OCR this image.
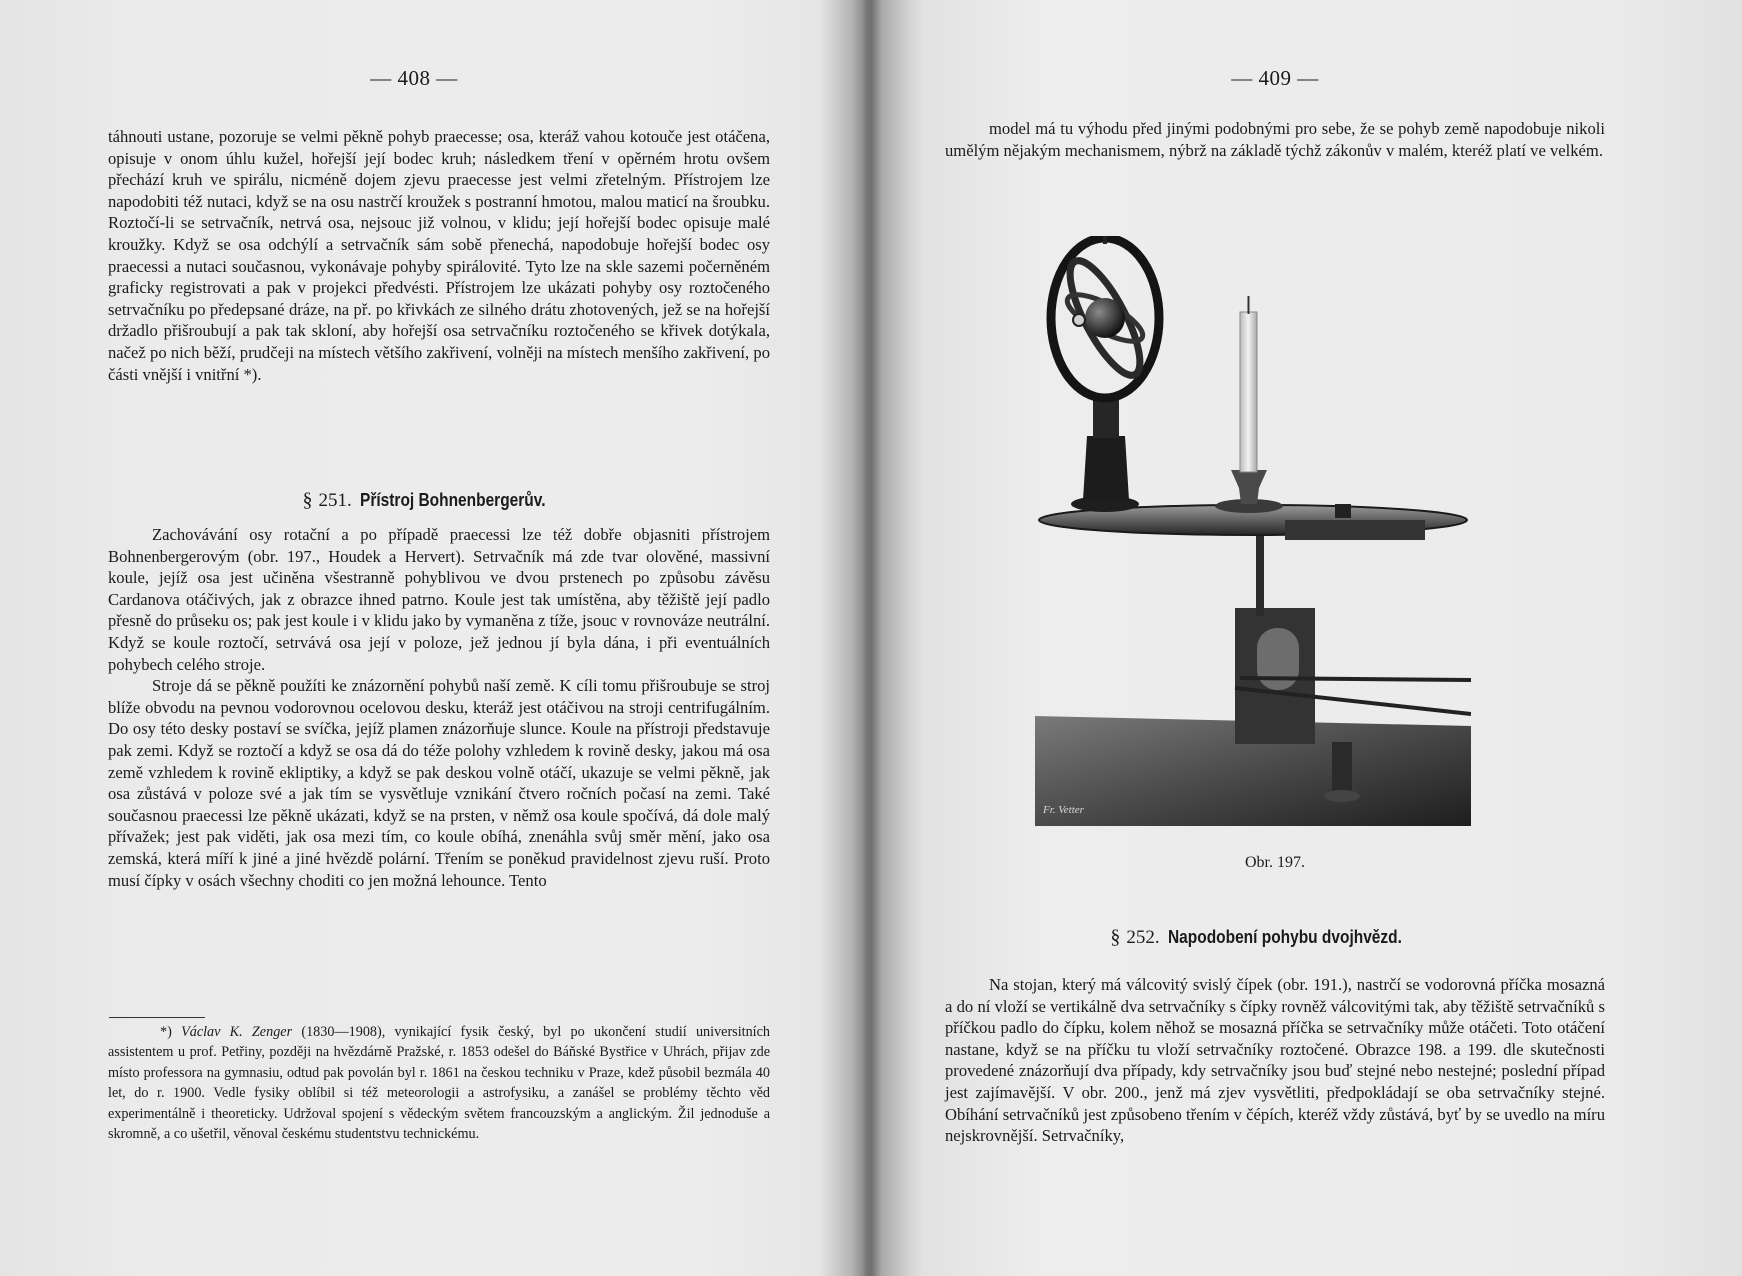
— 408 —

táhnouti ustane, pozoruje se velmi pěkně pohyb praecesse; osa, kteráž vahou kotouče jest otáčena, opisuje v onom úhlu kužel, hořejší její bodec kruh; následkem tření v opěrném hrotu ovšem přechází kruh ve spirálu, nicméně dojem zjevu praecesse jest velmi zřetelným. Přístrojem lze napodobiti též nutaci, když se na osu nastrčí kroužek s postranní hmotou, malou maticí na šroubku. Roztočí-li se setrvačník, netrvá osa, nejsouc již volnou, v klidu; její hořejší bodec opisuje malé kroužky. Když se osa odchýlí a setrvačník sám sobě přenechá, napodobuje hořejší bodec osy praecessi a nutaci současnou, vykonávaje pohyby spirálovité. Tyto lze na skle sazemi počerněném graficky registrovati a pak v projekci předvésti. Přístrojem lze ukázati pohyby osy roztočeného setrvačníku po předepsané dráze, na př. po křivkách ze silného drátu zhotovených, jež se na hořejší držadlo přišroubují a pak tak skloní, aby hořejší osa setrvačníku roztočeného se křivek dotýkala, načež po nich běží, prudčeji na místech většího zakřivení, volněji na místech menšího zakřivení, po části vnější i vnitřní *).

§ 251. Přístroj Bohnenbergerův.

Zachovávání osy rotační a po případě praecessi lze též dobře objasniti přístrojem Bohnenbergerovým (obr. 197., Houdek a Hervert). Setrvačník má zde tvar olověné, massivní koule, jejíž osa jest učiněna všestranně pohyblivou ve dvou prstenech po způsobu závěsu Cardanova otáčivých, jak z obrazce ihned patrno. Koule jest tak umístěna, aby těžiště její padlo přesně do průseku os; pak jest koule i v klidu jako by vymaněna z tíže, jsouc v rovnováze neutrální. Když se koule roztočí, setrvává osa její v poloze, jež jednou jí byla dána, i při eventuálních pohybech celého stroje.

Stroje dá se pěkně použíti ke znázornění pohybů naší země. K cíli tomu přišroubuje se stroj blíže obvodu na pevnou vodorovnou ocelovou desku, kteráž jest otáčivou na stroji centrifugálním. Do osy této desky postaví se svíčka, jejíž plamen znázorňuje slunce. Koule na přístroji představuje pak zemi. Když se roztočí a když se osa dá do téže polohy vzhledem k rovině desky, jakou má osa země vzhledem k rovině ekliptiky, a když se pak deskou volně otáčí, ukazuje se velmi pěkně, jak osa zůstává v poloze své a jak tím se vysvětluje vznikání čtvero ročních počasí na zemi. Také současnou praecessi lze pěkně ukázati, když se na prsten, v němž osa koule spočívá, dá dole malý přívažek; jest pak viděti, jak osa mezi tím, co koule obíhá, znenáhla svůj směr mění, jako osa zemská, která míří k jiné a jiné hvězdě polární. Třením se poněkud pravidelnost zjevu ruší. Proto musí čípky v osách všechny choditi co jen možná lehounce. Tento

*) Václav K. Zenger (1830—1908), vynikající fysik český, byl po ukončení studií universitních assistentem u prof. Petřiny, později na hvězdárně Pražské, r. 1853 odešel do Báňské Bystřice v Uhrách, přijav zde místo professora na gymnasiu, odtud pak povolán byl r. 1861 na českou techniku v Praze, kdež působil bezmála 40 let, do r. 1900. Vedle fysiky oblíbil si též meteorologii a astrofysiku, a zanášel se problémy těchto věd experimentálně i theoreticky. Udržoval spojení s vědeckým světem francouzským a anglickým. Žil jednoduše a skromně, a co ušetřil, věnoval českému studentstvu technickému.
— 409 —

model má tu výhodu před jinými podobnými pro sebe, že se pohyb země napodobuje nikoli umělým nějakým mechanismem, nýbrž na základě týchž zákonův v malém, kteréž platí ve velkém.

Fr. Vetter
Obr. 197.
§ 252. Napodobení pohybu dvojhvězd.

Na stojan, který má válcovitý svislý čípek (obr. 191.), nastrčí se vodorovná příčka mosazná a do ní vloží se vertikálně dva setrvačníky s čípky rovněž válcovitými tak, aby těžiště setrvačníků s příčkou padlo do čípku, kolem něhož se mosazná příčka se setrvačníky může otáčeti. Toto otáčení nastane, když se na příčku tu vloží setrvačníky roztočené. Obrazce 198. a 199. dle skutečnosti provedené znázorňují dva případy, kdy setrvačníky jsou buď stejné nebo nestejné; poslední případ jest zajímavější. V obr. 200., jenž má zjev vysvětliti, předpokládají se oba setrvačníky stejné. Obíhání setrvačníků jest způsobeno třením v čépích, kteréž vždy zůstává, byť by se uvedlo na míru nejskrovnější. Setrvačníky,
